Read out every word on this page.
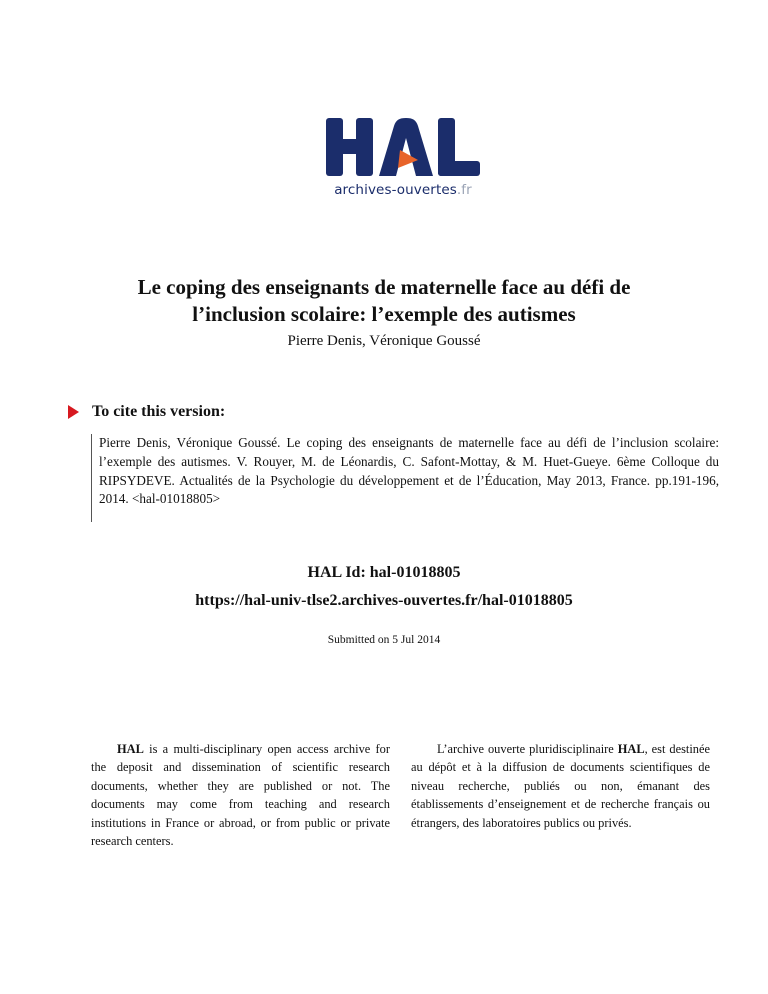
archives-ouvertes.fr
Le coping des enseignants de maternelle face au défi de
l’inclusion scolaire: l’exemple des autismes
Pierre Denis, Véronique Goussé
To cite this version:
Pierre Denis, Véronique Goussé. Le coping des enseignants de maternelle face au défi de l’inclusion scolaire: l’exemple des autismes. V. Rouyer, M. de Léonardis, C. Safont-Mottay, & M. Huet-Gueye. 6ème Colloque du RIPSYDEVE. Actualités de la Psychologie du développement et de l’Éducation, May 2013, France. pp.191-196, 2014. <hal-01018805>
HAL Id: hal-01018805
https://hal-univ-tlse2.archives-ouvertes.fr/hal-01018805
Submitted on 5 Jul 2014
HAL is a multi-disciplinary open access archive for the deposit and dissemination of scientific research documents, whether they are published or not. The documents may come from teaching and research institutions in France or abroad, or from public or private research centers.
L’archive ouverte pluridisciplinaire HAL, est destinée au dépôt et à la diffusion de documents scientifiques de niveau recherche, publiés ou non, émanant des établissements d’enseignement et de recherche français ou étrangers, des laboratoires publics ou privés.
